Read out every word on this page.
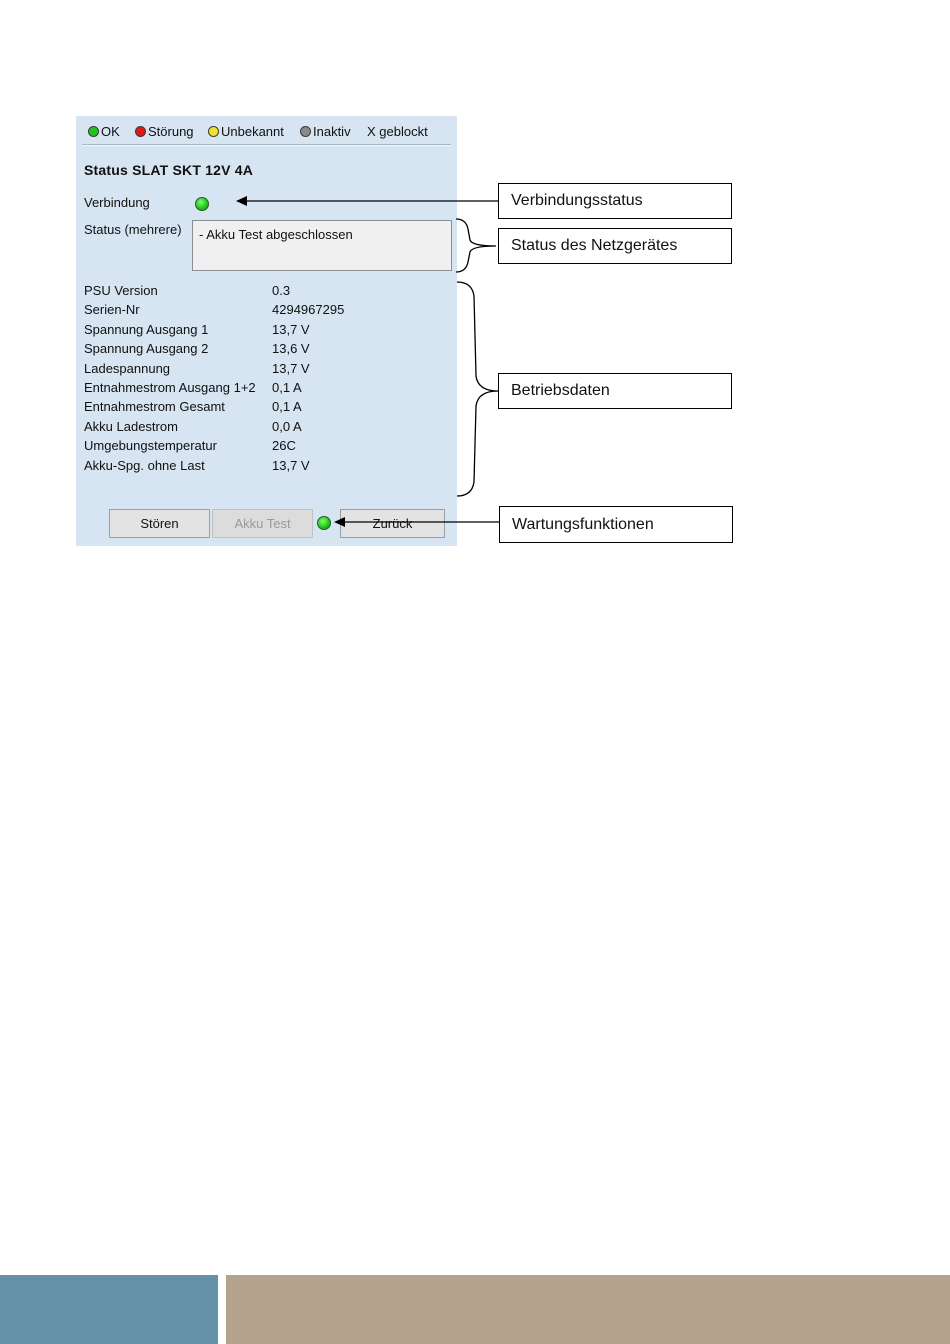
OK Störung Unbekannt Inaktiv X geblockt
Status SLAT SKT 12V 4A
Verbindung
Status (mehrere)	- Akku Test abgeschlossen
PSU Version	0.3
Serien-Nr	4294967295
Spannung Ausgang 1	13,7 V
Spannung Ausgang 2	13,6 V
Ladespannung	13,7 V
Entnahmestrom Ausgang 1+2 0,1 A
Entnahmestrom Gesamt	0,1 A
Akku Ladestrom	0,0 A
Umgebungstemperatur	26C
Akku-Spg. ohne Last	13,7 V
Stören	Akku Test	Zurück
Verbindungsstatus
Status des Netzgerätes
Betriebsdaten
Wartungsfunktionen
